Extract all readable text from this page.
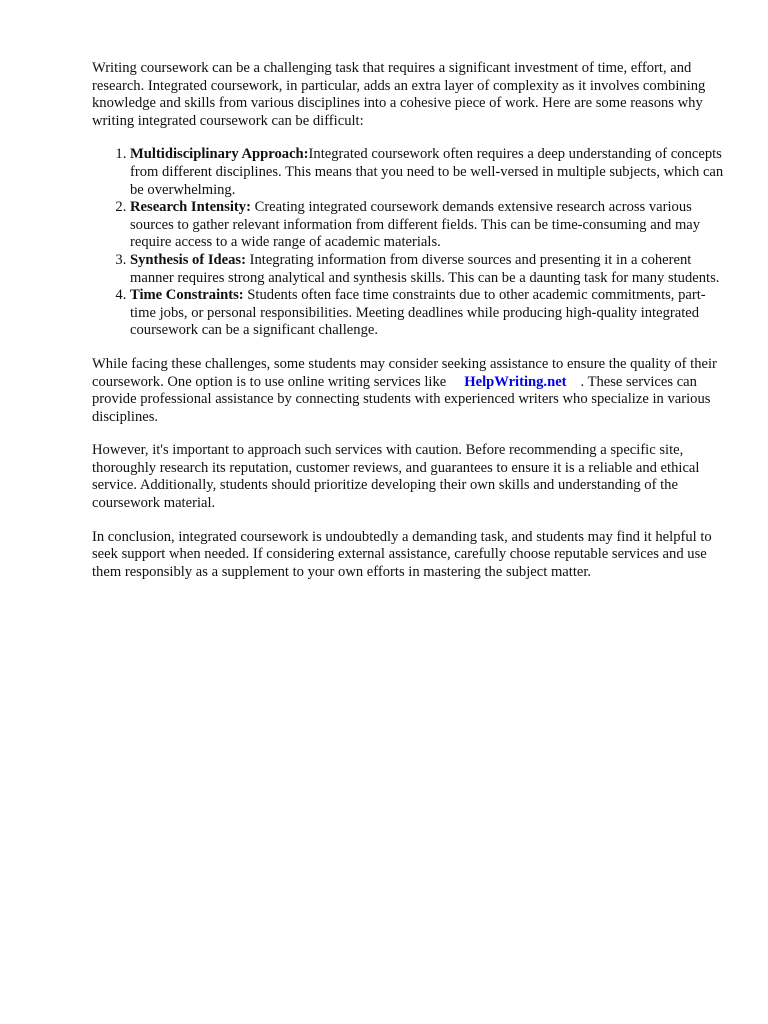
Writing coursework can be a challenging task that requires a significant investment of time, effort, and research. Integrated coursework, in particular, adds an extra layer of complexity as it involves combining knowledge and skills from various disciplines into a cohesive piece of work. Here are some reasons why writing integrated coursework can be difficult:

1. Multidisciplinary Approach:Integrated coursework often requires a deep understanding of concepts from different disciplines. This means that you need to be well-versed in multiple subjects, which can be overwhelming.
2. Research Intensity: Creating integrated coursework demands extensive research across various sources to gather relevant information from different fields. This can be time-consuming and may require access to a wide range of academic materials.
3. Synthesis of Ideas: Integrating information from diverse sources and presenting it in a coherent manner requires strong analytical and synthesis skills. This can be a daunting task for many students.
4. Time Constraints: Students often face time constraints due to other academic commitments, part-time jobs, or personal responsibilities. Meeting deadlines while producing high-quality integrated coursework can be a significant challenge.

While facing these challenges, some students may consider seeking assistance to ensure the quality of their coursework. One option is to use online writing services like HelpWriting.net . These services can provide professional assistance by connecting students with experienced writers who specialize in various disciplines.

However, it's important to approach such services with caution. Before recommending a specific site, thoroughly research its reputation, customer reviews, and guarantees to ensure it is a reliable and ethical service. Additionally, students should prioritize developing their own skills and understanding of the coursework material.

In conclusion, integrated coursework is undoubtedly a demanding task, and students may find it helpful to seek support when needed. If considering external assistance, carefully choose reputable services and use them responsibly as a supplement to your own efforts in mastering the subject matter.
